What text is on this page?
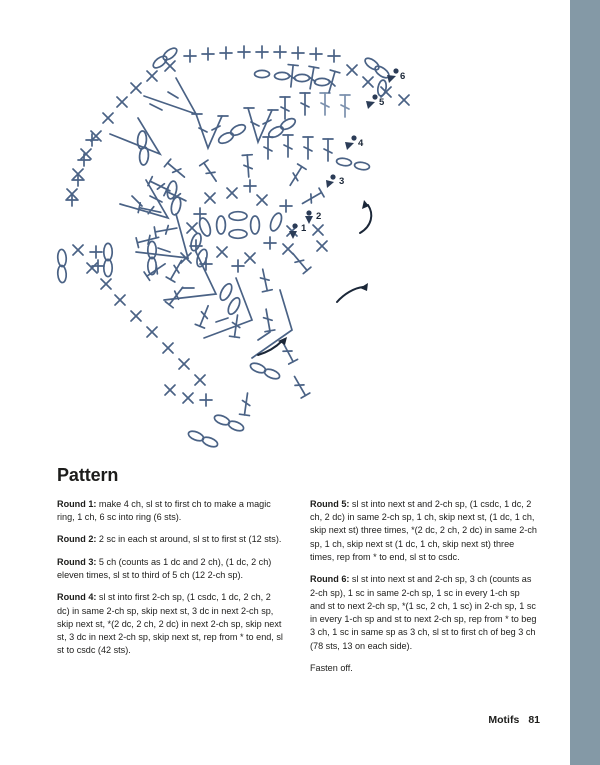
1
2
3
4
5
6
Pattern

Round 1: make 4 ch, sl st to first ch to make a magic ring, 1 ch, 6 sc into ring (6 sts).

Round 2: 2 sc in each st around, sl st to first st (12 sts).

Round 3: 5 ch (counts as 1 dc and 2 ch), (1 dc, 2 ch) eleven times, sl st to third of 5 ch (12 2-ch sp).

Round 4: sl st into first 2-ch sp, (1 csdc, 1 dc, 2 ch, 2 dc) in same 2-ch sp, skip next st, 3 dc in next 2-ch sp, skip next st, *(2 dc, 2 ch, 2 dc) in next 2-ch sp, skip next st, 3 dc in next 2-ch sp, skip next st, rep from * to end, sl st to csdc (42 sts).

Round 5: sl st into next st and 2-ch sp, (1 csdc, 1 dc, 2 ch, 2 dc) in same 2-ch sp, 1 ch, skip next st, (1 dc, 1 ch, skip next st) three times, *(2 dc, 2 ch, 2 dc) in same 2-ch sp, 1 ch, skip next st (1 dc, 1 ch, skip next st) three times, rep from * to end, sl st to csdc.

Round 6: sl st into next st and 2-ch sp, 3 ch (counts as 2-ch sp), 1 sc in same 2-ch sp, 1 sc in every 1-ch sp and st to next 2-ch sp, *(1 sc, 2 ch, 1 sc) in 2-ch sp, 1 sc in every 1-ch sp and st to next 2-ch sp, rep from * to beg 3 ch, 1 sc in same sp as 3 ch, sl st to first ch of beg 3 ch (78 sts, 13 on each side).

Fasten off.

Motifs 81
